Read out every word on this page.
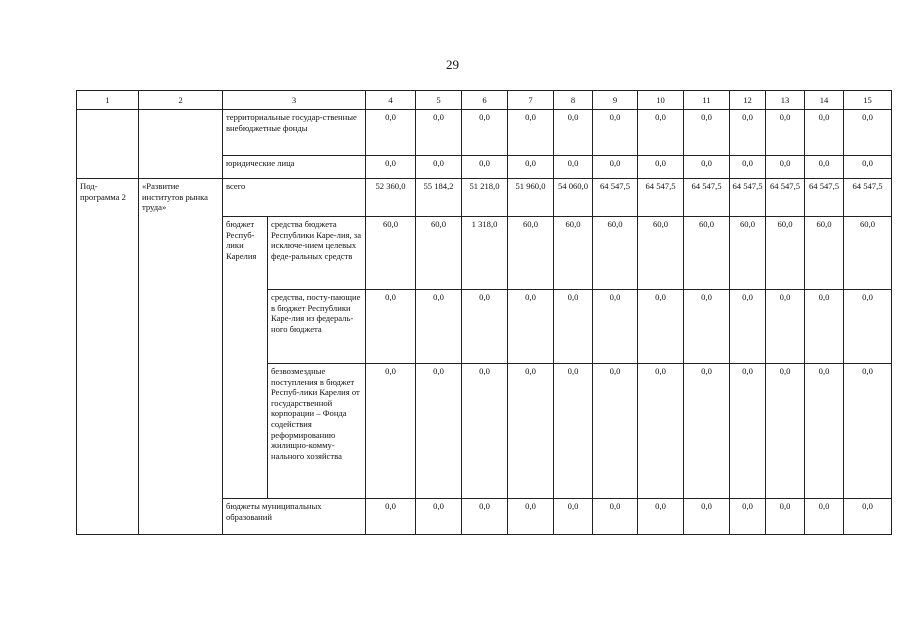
29
1	2	3		4	5	6	7	8	9	10	11	12	13	14	15
		территориальные государ-ственные внебюджетные фонды		0,0	0,0	0,0	0,0	0,0	0,0	0,0	0,0	0,0	0,0	0,0	0,0
		юридические лица		0,0	0,0	0,0	0,0	0,0	0,0	0,0	0,0	0,0	0,0	0,0	0,0
Под-программа 2	«Развитие институтов рынка труда»	всего		52 360,0	55 184,2	51 218,0	51 960,0	54 060,0	64 547,5	64 547,5	64 547,5	64 547,5	64 547,5	64 547,5	64 547,5
		бюджет Респуб-лики Карелия	средства бюджета Республики Каре-лия, за исключе-нием целевых феде-ральных средств	60,0	60,0	1 318,0	60,0	60,0	60,0	60,0	60,0	60,0	60,0	60,0	60,0
			средства, посту-пающие в бюджет Республики Каре-лия из федераль-ного бюджета	0,0	0,0	0,0	0,0	0,0	0,0	0,0	0,0	0,0	0,0	0,0	0,0
			безвозмездные поступления в бюджет Респуб-лики Карелия от государственной корпорации – Фонда содействия реформированию жилищно-комму-нального хозяйства	0,0	0,0	0,0	0,0	0,0	0,0	0,0	0,0	0,0	0,0	0,0	0,0
		бюджеты муниципальных образований		0,0	0,0	0,0	0,0	0,0	0,0	0,0	0,0	0,0	0,0	0,0	0,0
